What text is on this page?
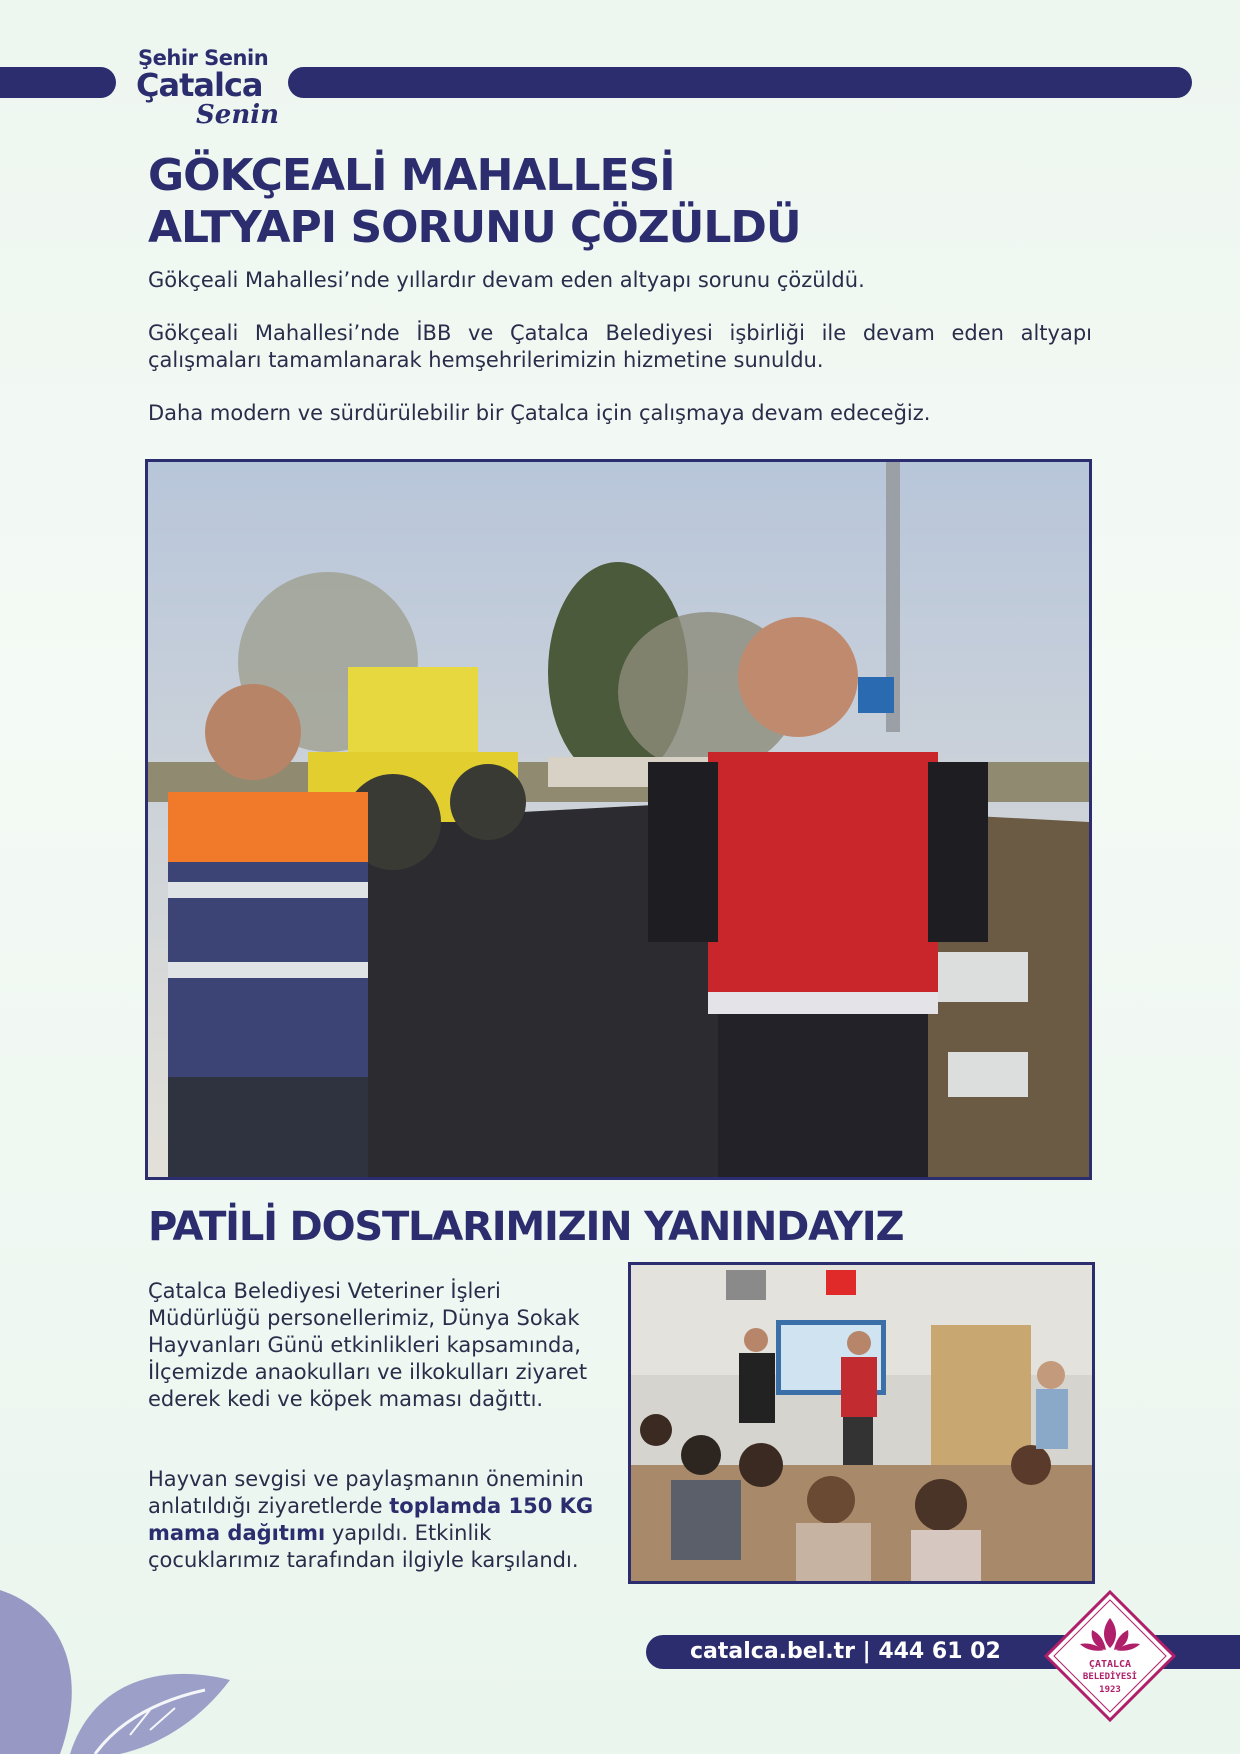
Şehir Senin
Çatalca
Senin
GÖKÇEALİ MAHALLESİ
ALTYAPI SORUNU ÇÖZÜLDÜ

Gökçeali Mahallesi’nde yıllardır devam eden altyapı sorunu çözüldü.

Gökçeali Mahallesi’nde İBB ve Çatalca Belediyesi işbirliği ile devam eden altyapı çalışmaları tamamlanarak hemşehrilerimizin hizmetine sunuldu.

Daha modern ve sürdürülebilir bir Çatalca için çalışmaya devam edeceğiz.

PATİLİ DOSTLARIMIZIN YANINDAYIZ

Çatalca Belediyesi Veteriner İşleri Müdürlüğü personellerimiz, Dünya Sokak Hayvanları Günü etkinlikleri kapsamında, İlçemizde anaokulları ve ilkokulları ziyaret ederek kedi ve köpek maması dağıttı.

Hayvan sevgisi ve paylaşmanın öneminin anlatıldığı ziyaretlerde toplamda 150 KG mama dağıtımı yapıldı. Etkinlik çocuklarımız tarafından ilgiyle karşılandı.

catalca.bel.tr | 444 61 02
ÇATALCA
BELEDİYESİ
1923
